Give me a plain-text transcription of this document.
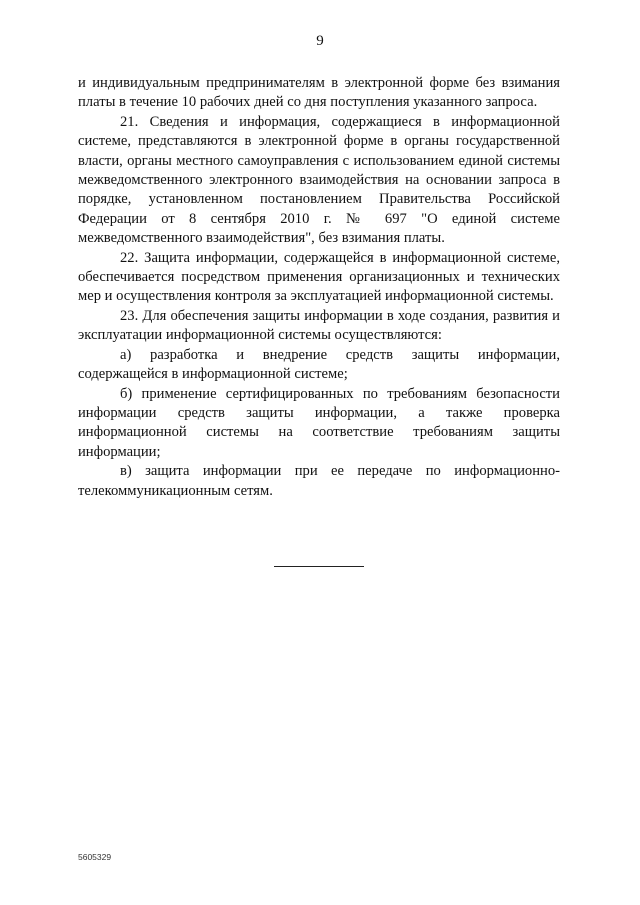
9

и индивидуальным предпринимателям в электронной форме без взимания платы в течение 10 рабочих дней со дня поступления указанного запроса.

21. Сведения и информация, содержащиеся в информационной системе, представляются в электронной форме в органы государственной власти, органы местного самоуправления с использованием единой системы межведомственного электронного взаимодействия на основании запроса в порядке, установленном постановлением Правительства Российской Федерации от 8 сентября 2010 г. № 697 "О единой системе межведомственного взаимодействия", без взимания платы.

22. Защита информации, содержащейся в информационной системе, обеспечивается посредством применения организационных и технических мер и осуществления контроля за эксплуатацией информационной системы.

23. Для обеспечения защиты информации в ходе создания, развития и эксплуатации информационной системы осуществляются:

а) разработка и внедрение средств защиты информации, содержащейся в информационной системе;

б) применение сертифицированных по требованиям безопасности информации средств защиты информации, а также проверка информационной системы на соответствие требованиям защиты информации;

в) защита информации при ее передаче по информационно-телекоммуникационным сетям.

5605329
